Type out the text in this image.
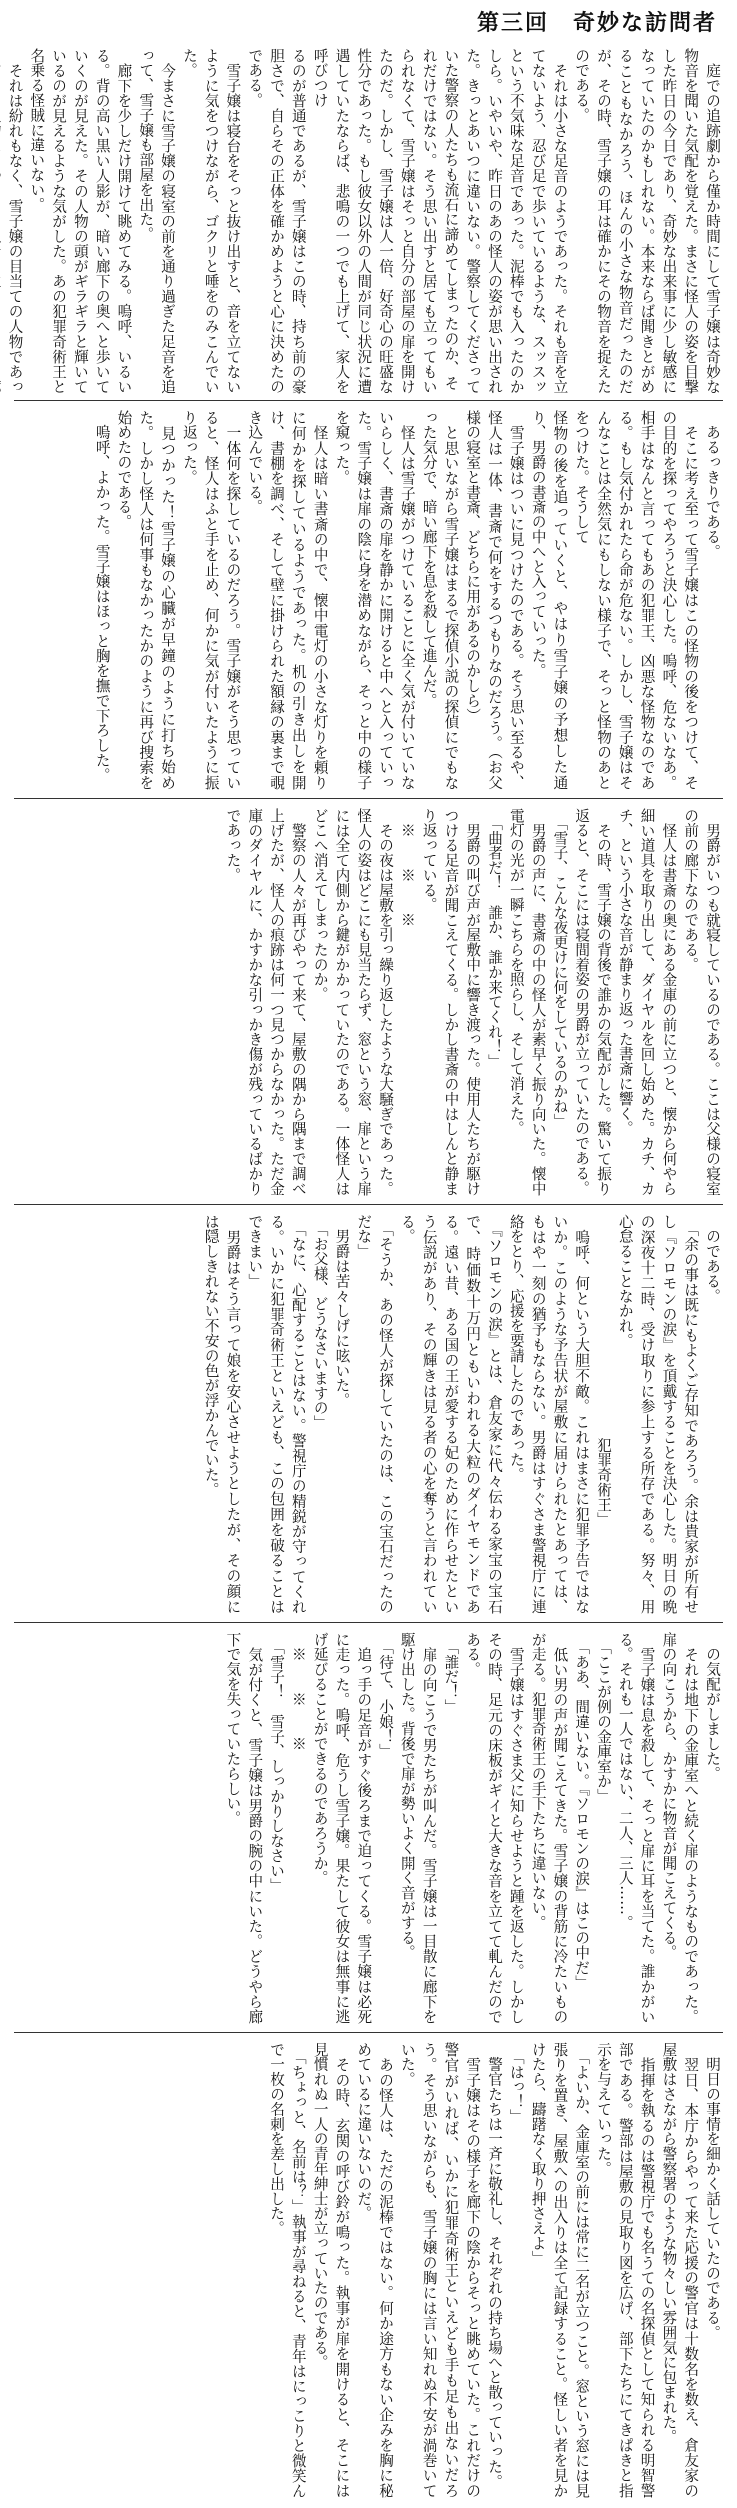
第三回　奇妙な訪問者
　庭での追跡劇から僅か時間にして雪子嬢は奇妙な物音を聞いた気配を覚えた。まさに怪人の姿を目撃した昨日の今日であり、奇妙な出来事に少し敏感になっていたのかもしれない。本来ならば聞きとがめることもなかろう、ほんの小さな物音だったのだが、その時、雪子嬢の耳は確かにその物音を捉えたのである。
　それは小さな足音のようであった。それも音を立てないよう、忍び足で歩いているような、スッスッという不気味な足音であった。泥棒でも入ったのかしら。いやいや、昨日のあの怪人の姿が思い出された。きっとあいつに違いない。警察してくださっていた警察の人たちも流石に諦めてしまったのか、そ
れだけではない。そう思い出すと居ても立ってもいられなくて、雪子嬢はそっと自分の部屋の扉を開けたのだ。しかし、雪子嬢は人一倍、好奇心の旺盛な性分であった。もし彼女以外の人間が同じ状況に遭遇していたならば、悲鳴の一つでも上げて、家人を呼びつけ
るのが普通であるが、雪子嬢はこの時、持ち前の豪胆さで、自らその正体を確かめようと心に決めたのである。
　雪子嬢は寝台をそっと抜け出すと、音を立てないように気をつけながら、ゴクリと唾をのみこんでいた。
　今まさに雪子嬢の寝室の前を通り過ぎた足音を追って、雪子嬢も部屋を出た。
　廊下を少しだけ開けて眺めてみる。嗚呼、いるいる。背の高い黒い人影が、暗い廊下の奥へと歩いていくのが見えた。その人物の頭がギラギラと輝いているのが見えるような気がした。あの犯罪奇術王と名乗る怪賊に違いない。
　それは紛れもなく、雪子嬢の目当ての人物であっ
　あるっきりである。
　そこに考え至って雪子嬢はこの怪物の後をつけて、その目的を探ってやろうと決心した。嗚呼、危ないなあ。相手はなんと言ってもあの犯罪王、凶悪な怪物なのである。もし気付かれたら命が危ない。しかし、雪子嬢はそんなことは全然気にもしない様子で、そっと怪物のあとをつけた。そうして
怪物の後を追っていくと、やはり雪子嬢の予想した通り、男爵の書斎の中へと入っていった。
　雪子嬢はついに見つけたのである。そう思い至るや、怪人は一体、書斎で何をするつもりなのだろう。（お父様の寝室と書斎、どちらに用があるのかしら）
　と思いながら雪子嬢はまるで探偵小説の探偵にでもなった気分で、暗い廊下を息を殺して進んだ。
　怪人は雪子嬢がつけていることに全く気が付いていないらしく、書斎の扉を静かに開けると中へと入っていった。雪子嬢は扉の陰に身を潜めながら、そっと中の様子を窺った。
　怪人は暗い書斎の中で、懐中電灯の小さな灯りを頼りに何かを探しているようであった。机の引き出しを開け、書棚を調べ、そして壁に掛けられた額縁の裏まで覗き込んでいる。
　一体何を探しているのだろう。雪子嬢がそう思っていると、怪人はふと手を止め、何かに気が付いたように振り返った。
　見つかった！雪子嬢の心臓が早鐘のように打ち始めた。しかし怪人は何事もなかったかのように再び捜索を始めたのである。
　嗚呼、よかった。雪子嬢はほっと胸を撫で下ろした。
　男爵がいつも就寝しているのである。ここは父様の寝室の前の廊下なのである。
　怪人は書斎の奥にある金庫の前に立つと、懐から何やら細い道具を取り出して、ダイヤルを回し始めた。カチ、カチ、という小さな音が静まり返った書斎に響く。
　その時、雪子嬢の背後で誰かの気配がした。驚いて振り返ると、そこには寝間着姿の男爵が立っていたのである。
　「雪子、こんな夜更けに何をしているのかね」
　男爵の声に、書斎の中の怪人が素早く振り向いた。懐中電灯の光が一瞬こちらを照らし、そして消えた。
　「曲者だ！　誰か、誰か来てくれ！」
　男爵の叫び声が屋敷中に響き渡った。使用人たちが駆けつける足音が聞こえてくる。しかし書斎の中はしんと静まり返っている。
　※　　※　　※
　その夜は屋敷を引っ繰り返したような大騒ぎであった。怪人の姿はどこにも見当たらず、窓という窓、扉という扉には全て内側から鍵がかかっていたのである。一体怪人はどこへ消えてしまったのか。
　警察の人々が再びやって来て、屋敷の隅から隅まで調べ上げたが、怪人の痕跡は何一つ見つからなかった。ただ金庫のダイヤルに、かすかな引っかき傷が残っているばかりであった。
　のである。
　「余の事は既にもよくご存知であろう。余は貴家が所有せし『ソロモンの涙』を頂戴することを決心した。明日の晩の深夜十二時、受け取りに参上する所存である。努々、用心怠ることなかれ。
　　　　　　　　　　　　　　　犯罪奇術王」
　嗚呼、何という大胆不敵。これはまさに犯罪予告ではないか。このような予告状が屋敷に届けられたとあっては、もはや一刻の猶予もならない。男爵はすぐさま警視庁に連絡をとり、応援を要請したのであった。
　『ソロモンの涙』とは、倉友家に代々伝わる家宝の宝石で、時価数十万円ともいわれる大粒のダイヤモンドである。遠い昔、ある国の王が愛する妃のために作らせたという伝説があり、その輝きは見る者の心を奪うと言われている。
　「そうか、あの怪人が探していたのは、この宝石だったのだな」
　男爵は苦々しげに呟いた。
　「お父様、どうなさいますの」
　「なに、心配することはない。警視庁の精鋭が守ってくれる。いかに犯罪奇術王といえども、この包囲を破ることはできまい」
　男爵はそう言って娘を安心させようとしたが、その顔には隠しきれない不安の色が浮かんでいた。
　の気配がしました。
　それは地下の金庫室へと続く扉のようなものであった。扉の向こうから、かすかに物音が聞こえてくる。
　雪子嬢は息を殺して、そっと扉に耳を当てた。誰かがいる。それも一人ではない、二人、三人……。
　「ここが例の金庫室か」
　「ああ、間違いない。『ソロモンの涙』はこの中だ」
　低い男の声が聞こえてきた。雪子嬢の背筋に冷たいものが走る。犯罪奇術王の手下たちに違いない。
　雪子嬢はすぐさま父に知らせようと踵を返した。しかしその時、足元の床板がギイと大きな音を立てて軋んだのである。
　「誰だ！」
　扉の向こうで男たちが叫んだ。雪子嬢は一目散に廊下を駆け出した。背後で扉が勢いよく開く音がする。
　「待て、小娘！」
　追っ手の足音がすぐ後ろまで迫ってくる。雪子嬢は必死に走った。嗚呼、危うし雪子嬢。果たして彼女は無事に逃げ延びることができるのであろうか。
　※　　※　　※
　「雪子！　雪子、しっかりしなさい」
　気が付くと、雪子嬢は男爵の腕の中にいた。どうやら廊下で気を失っていたらしい。
　明日の事情を細かく話していたのである。
　翌日、本庁からやって来た応援の警官は十数名を数え、倉友家の屋敷はさながら警察署のような物々しい雰囲気に包まれた。
　指揮を執るのは警視庁でも名うての名探偵として知られる明智警部である。警部は屋敷の見取り図を広げ、部下たちにてきぱきと指示を与えていった。
　「よいか、金庫室の前には常に二名が立つこと。窓という窓には見張りを置き、屋敷への出入りは全て記録すること。怪しい者を見かけたら、躊躇なく取り押さえよ」
　「はっ！」
　警官たちは一斉に敬礼し、それぞれの持ち場へと散っていった。
　雪子嬢はその様子を廊下の陰からそっと眺めていた。これだけの警官がいれば、いかに犯罪奇術王といえども手も足も出ないだろう。そう思いながらも、雪子嬢の胸には言い知れぬ不安が渦巻いていた。
　あの怪人は、ただの泥棒ではない。何か途方もない企みを胸に秘めているに違いないのだ。
　その時、玄関の呼び鈴が鳴った。執事が扉を開けると、そこには見慣れぬ一人の青年紳士が立っていたのである。
　「ちょっと、名前は？」執事が尋ねると、青年はにっこりと微笑んで一枚の名刺を差し出した。
